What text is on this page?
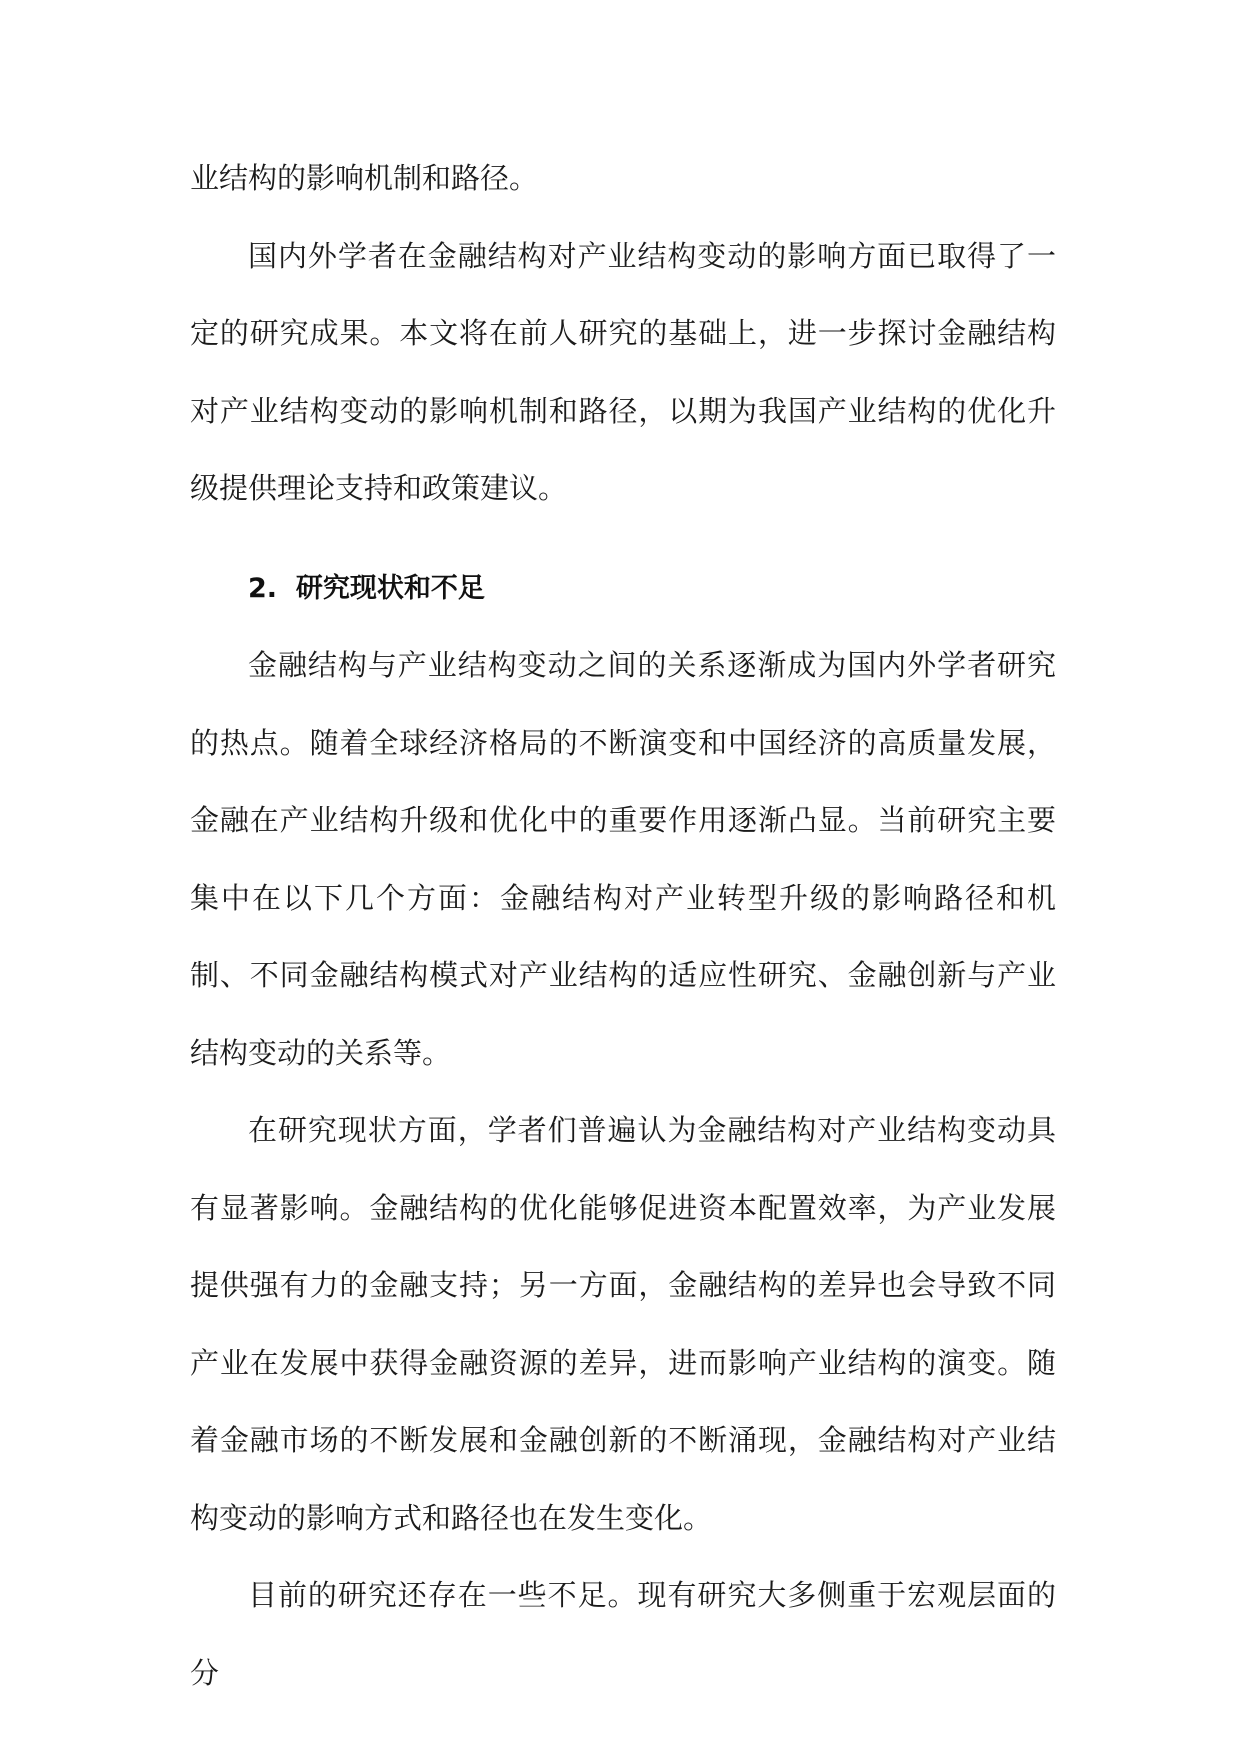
业结构的影响机制和路径。

国内外学者在金融结构对产业结构变动的影响方面已取得了一定的研究成果。本文将在前人研究的基础上，进一步探讨金融结构对产业结构变动的影响机制和路径，以期为我国产业结构的优化升级提供理论支持和政策建议。

2. 研究现状和不足

金融结构与产业结构变动之间的关系逐渐成为国内外学者研究的热点。随着全球经济格局的不断演变和中国经济的高质量发展，金融在产业结构升级和优化中的重要作用逐渐凸显。当前研究主要集中在以下几个方面：金融结构对产业转型升级的影响路径和机制、不同金融结构模式对产业结构的适应性研究、金融创新与产业结构变动的关系等。

在研究现状方面，学者们普遍认为金融结构对产业结构变动具有显著影响。金融结构的优化能够促进资本配置效率，为产业发展提供强有力的金融支持；另一方面，金融结构的差异也会导致不同产业在发展中获得金融资源的差异，进而影响产业结构的演变。随着金融市场的不断发展和金融创新的不断涌现，金融结构对产业结构变动的影响方式和路径也在发生变化。

目前的研究还存在一些不足。现有研究大多侧重于宏观层面的分
